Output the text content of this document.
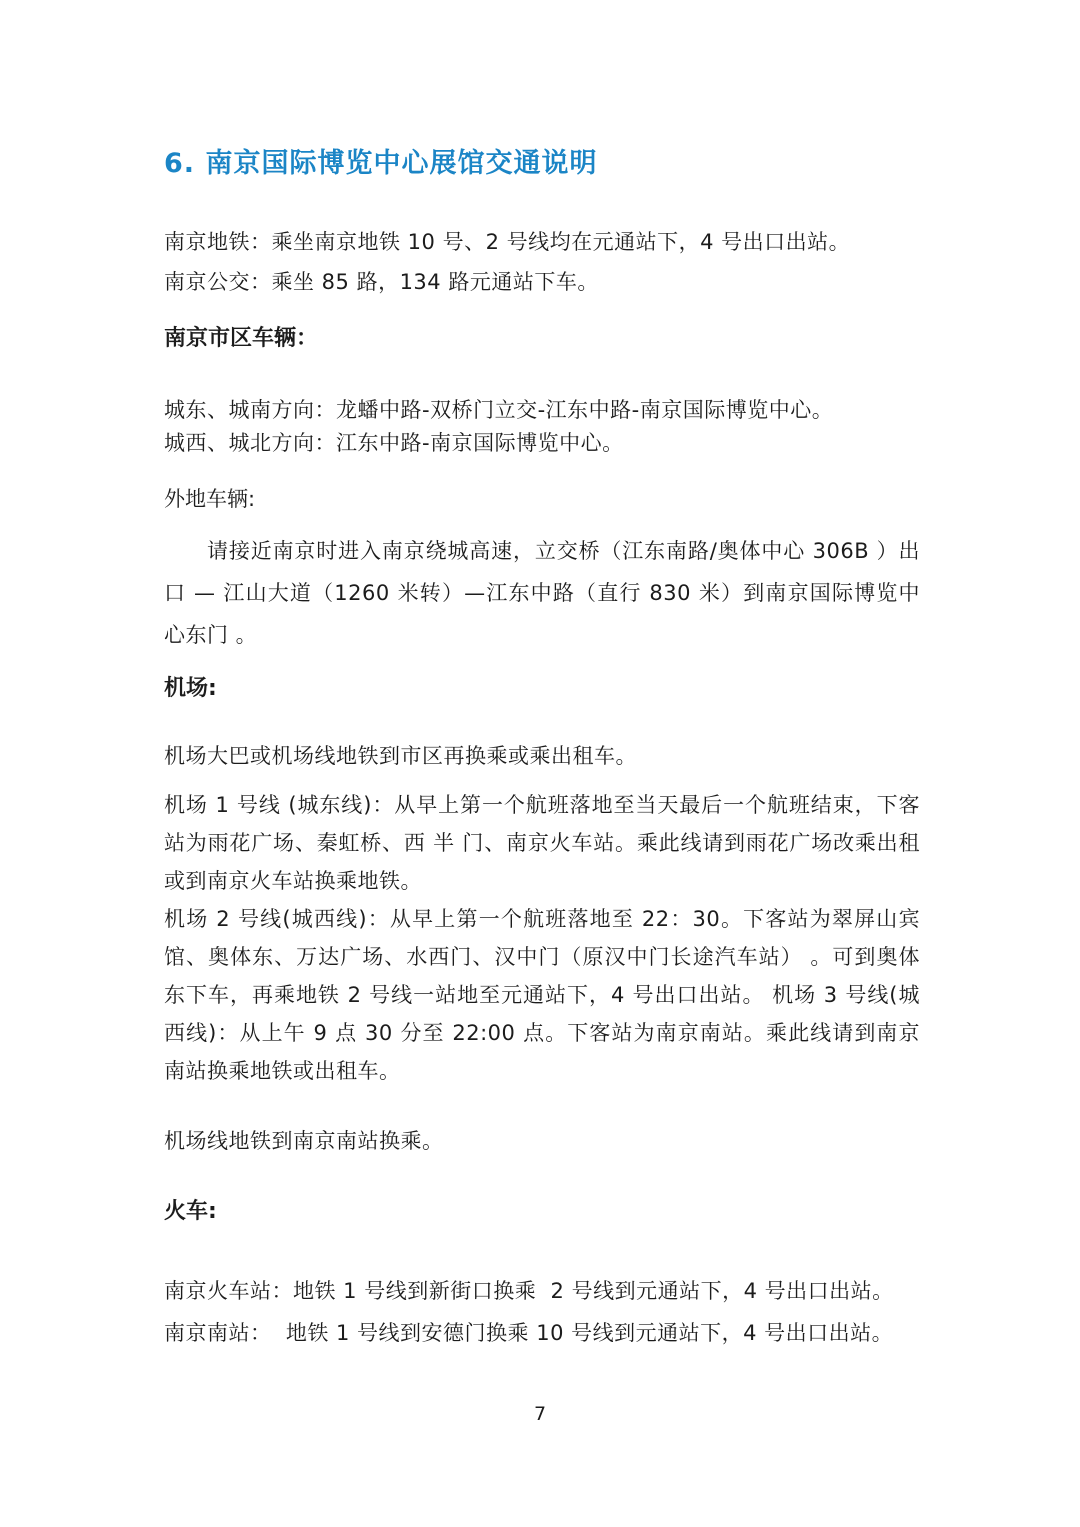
6. 南京国际博览中心展馆交通说明

南京地铁：乘坐南京地铁 10 号、2 号线均在元通站下，4 号出口出站。

南京公交：乘坐 85 路，134 路元通站下车。

南京市区车辆：

城东、城南方向：龙蟠中路-双桥门立交-江东中路-南京国际博览中心。

城西、城北方向：江东中路-南京国际博览中心。

外地车辆:

请接近南京时进入南京绕城高速，立交桥（江东南路/奥体中心 306B ）出口 — 江山大道（1260 米转）—江东中路（直行 830 米）到南京国际博览中心东门 。

机场:

机场大巴或机场线地铁到市区再换乘或乘出租车。

机场 1 号线 (城东线)：从早上第一个航班落地至当天最后一个航班结束，下客站为雨花广场、秦虹桥、西 半 门、南京火车站。乘此线请到雨花广场改乘出租或到南京火车站换乘地铁。

机场 2 号线(城西线)：从早上第一个航班落地至 22：30。下客站为翠屏山宾馆、奥体东、万达广场、水西门、汉中门（原汉中门长途汽车站） 。可到奥体东下车，再乘地铁 2 号线一站地至元通站下，4 号出口出站。 机场 3 号线(城西线)：从上午 9 点 30 分至 22:00 点。下客站为南京南站。乘此线请到南京南站换乘地铁或出租车。

机场线地铁到南京南站换乘。

火车:

南京火车站：地铁 1 号线到新街口换乘  2 号线到元通站下，4 号出口出站。

南京南站：  地铁 1 号线到安德门换乘 10 号线到元通站下，4 号出口出站。

7
